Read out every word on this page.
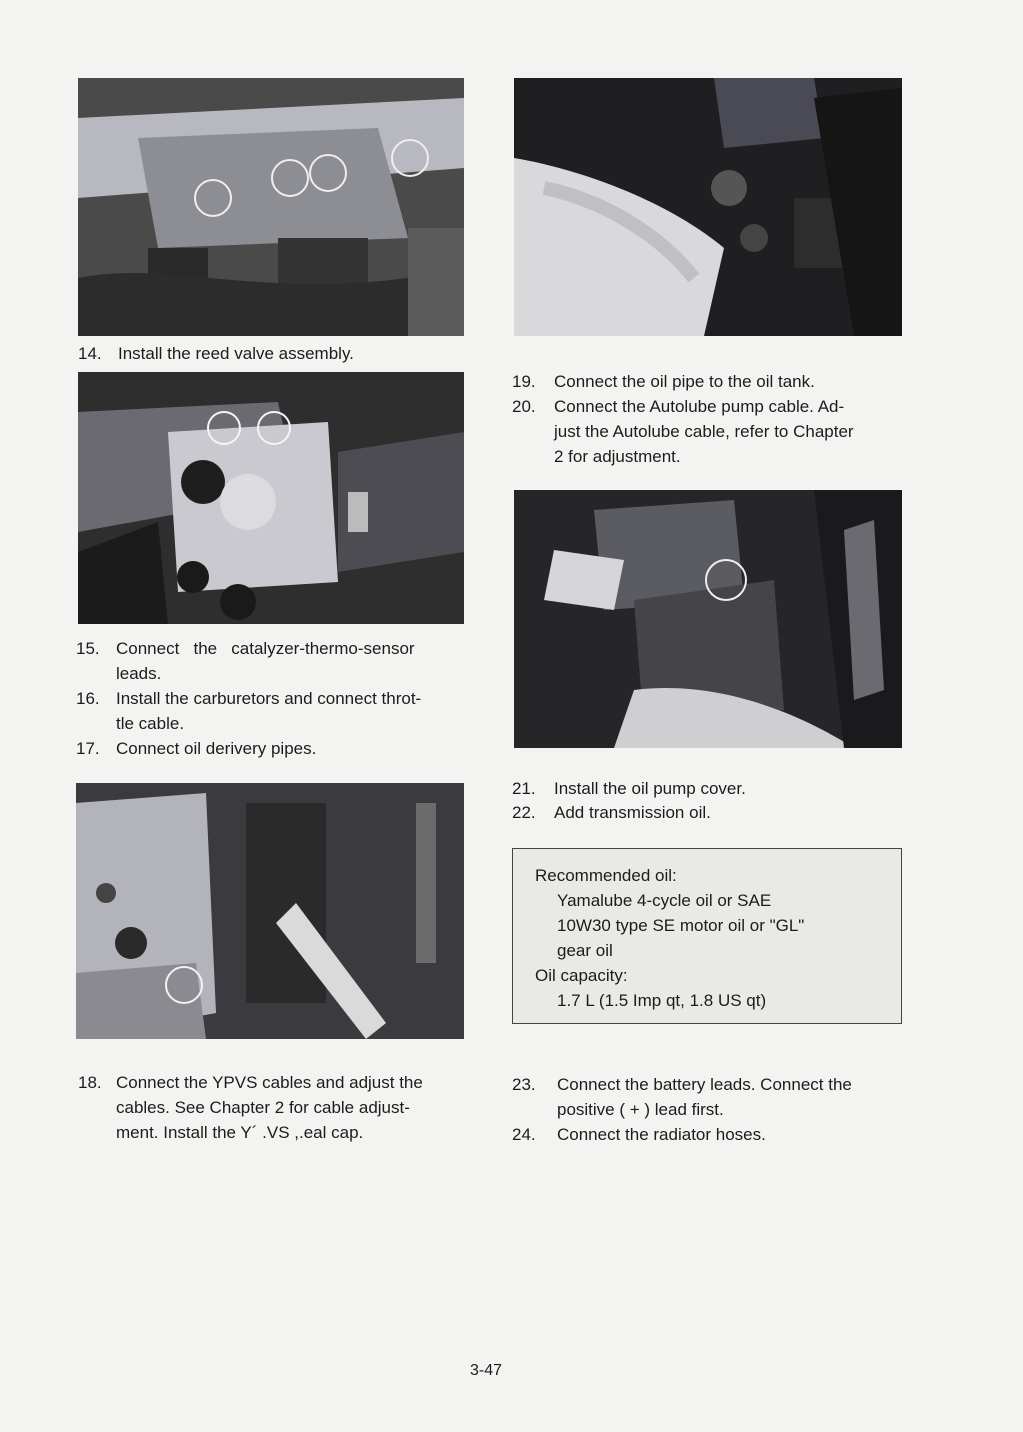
14. Install the reed valve assembly.
15. Connect   the   catalyzer-thermo-sensor
leads.
16. Install the carburetors and connect throt-
tle cable.
17. Connect oil derivery pipes.
18. Connect the YPVS cables and adjust the
cables. See Chapter 2 for cable adjust-
ment. Install the Y´ .VS ,.eal cap.
19. Connect the oil pipe to the oil tank.
20. Connect the Autolube pump cable. Ad-
just the Autolube cable, refer to Chapter
2 for adjustment.
21. Install the oil pump cover.
22. Add transmission oil.
Recommended oil:
Yamalube 4-cycle oil or SAE
10W30 type SE motor oil or "GL"
gear oil
Oil capacity:
1.7 L (1.5 Imp qt, 1.8 US qt)
23. Connect the battery leads. Connect the
positive ( + ) lead first.
24. Connect the radiator hoses.
3-47
